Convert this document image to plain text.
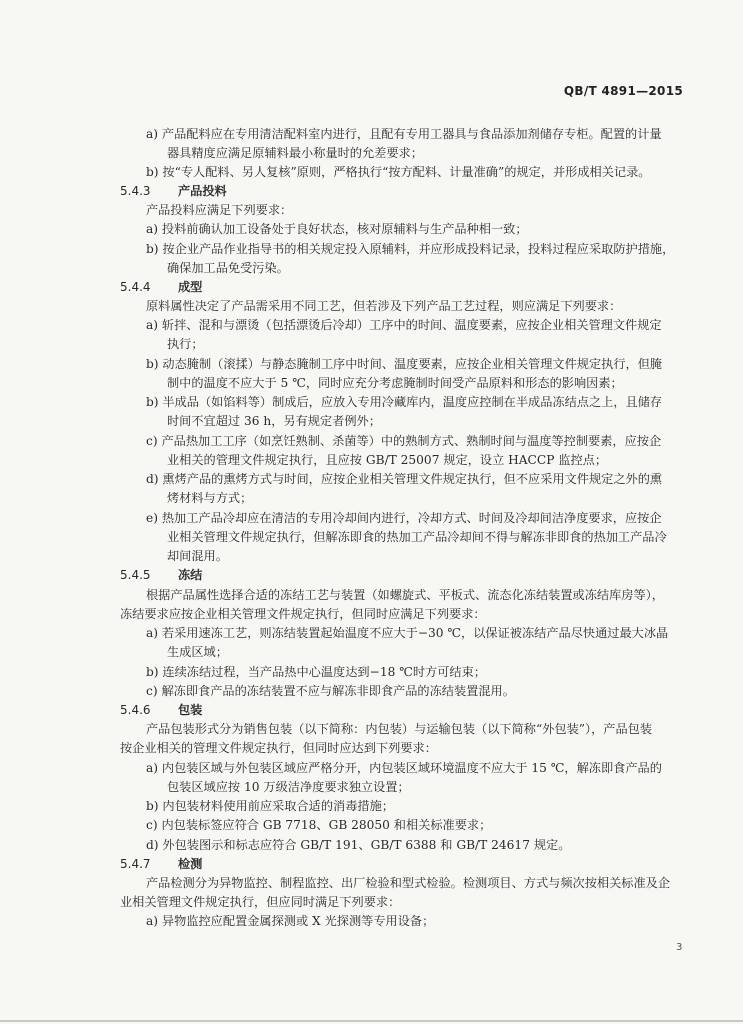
QB/T 4891—2015
a) 产品配料应在专用清洁配料室内进行，且配有专用工器具与食品添加剂储存专柜。配置的计量
器具精度应满足原辅料最小称量时的允差要求；
b) 按“专人配料、另人复核”原则，严格执行“按方配料、计量准确”的规定，并形成相关记录。
产品投料应满足下列要求：
a) 投料前确认加工设备处于良好状态，核对原辅料与生产品种相一致；
b) 按企业产品作业指导书的相关规定投入原辅料，并应形成投料记录，投料过程应采取防护措施，
确保加工品免受污染。
原料属性决定了产品需采用不同工艺，但若涉及下列产品工艺过程，则应满足下列要求：
a) 斩拌、混和与漂烫（包括漂烫后冷却）工序中的时间、温度要素，应按企业相关管理文件规定
执行；
b) 动态腌制（滚揉）与静态腌制工序中时间、温度要素，应按企业相关管理文件规定执行，但腌
制中的温度不应大于 5 ℃，同时应充分考虑腌制时间受产品原料和形态的影响因素；
b) 半成品（如馅料等）制成后，应放入专用冷藏库内，温度应控制在半成品冻结点之上，且储存
时间不宜超过 36 h，另有规定者例外；
c) 产品热加工工序（如烹饪熟制、杀菌等）中的熟制方式、熟制时间与温度等控制要素，应按企
业相关的管理文件规定执行，且应按 GB/T 25007 规定，设立 HACCP 监控点；
d) 熏烤产品的熏烤方式与时间，应按企业相关管理文件规定执行，但不应采用文件规定之外的熏
烤材料与方式；
e) 热加工产品冷却应在清洁的专用冷却间内进行，冷却方式、时间及冷却间洁净度要求，应按企
业相关管理文件规定执行，但解冻即食的热加工产品冷却间不得与解冻非即食的热加工产品冷
却间混用。
根据产品属性选择合适的冻结工艺与装置（如螺旋式、平板式、流态化冻结装置或冻结库房等），
冻结要求应按企业相关管理文件规定执行，但同时应满足下列要求：
a) 若采用速冻工艺，则冻结装置起始温度不应大于−30 ℃，以保证被冻结产品尽快通过最大冰晶
生成区域；
b) 连续冻结过程，当产品热中心温度达到−18 ℃时方可结束；
c) 解冻即食产品的冻结装置不应与解冻非即食产品的冻结装置混用。
产品包装形式分为销售包装（以下简称：内包装）与运输包装（以下简称“外包装”），产品包装
按企业相关的管理文件规定执行，但同时应达到下列要求：
a) 内包装区域与外包装区域应严格分开，内包装区域环境温度不应大于 15 ℃，解冻即食产品的
包装区域应按 10 万级洁净度要求独立设置；
b) 内包装材料使用前应采取合适的消毒措施；
c) 内包装标签应符合 GB 7718、GB 28050 和相关标准要求；
d) 外包装图示和标志应符合 GB/T 191、GB/T 6388 和 GB/T 24617 规定。
产品检测分为异物监控、制程监控、出厂检验和型式检验。检测项目、方式与频次按相关标准及企
业相关管理文件规定执行，但应同时满足下列要求：
a) 异物监控应配置金属探测或 X 光探测等专用设备；
5.4.3 产品投料
5.4.4 成型
5.4.5 冻结
5.4.6 包装
5.4.7 检测
3
